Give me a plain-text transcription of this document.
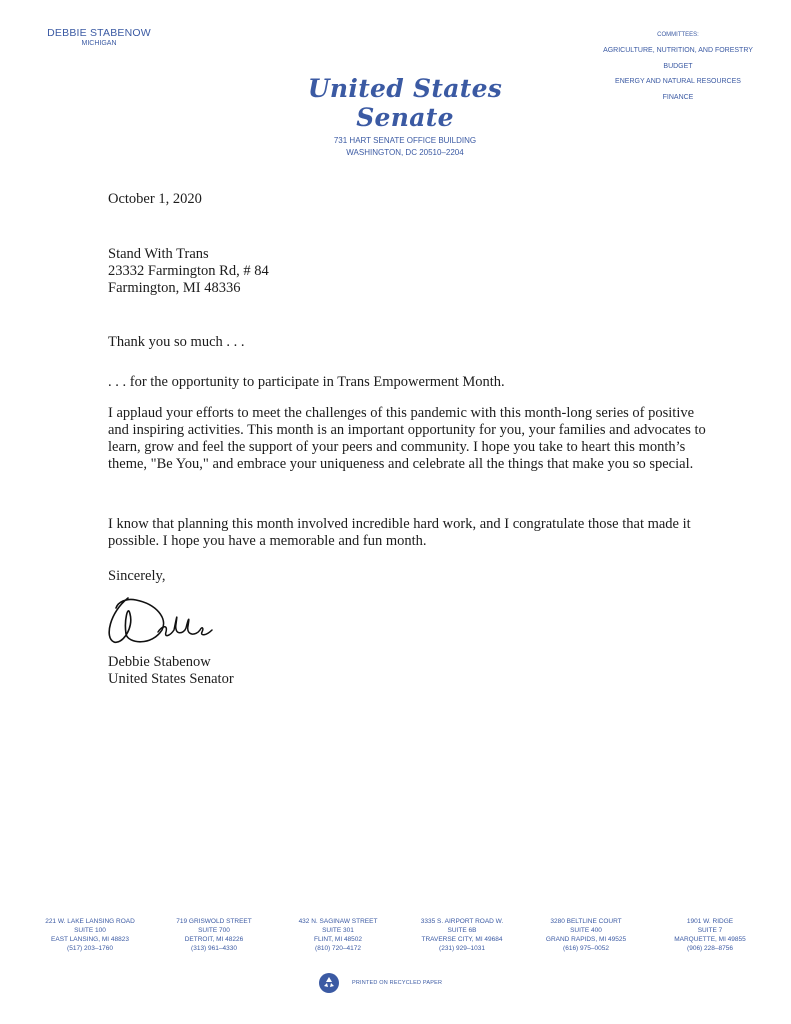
DEBBIE STABENOW
MICHIGAN
COMMITTEES:
AGRICULTURE, NUTRITION, AND FORESTRY
BUDGET
ENERGY AND NATURAL RESOURCES
FINANCE
United States Senate
731 HART SENATE OFFICE BUILDING
WASHINGTON, DC 20510–2204
October 1, 2020
Stand With Trans
23332 Farmington Rd, # 84
Farmington, MI 48336
Thank you so much . . .
. . . for the opportunity to participate in Trans Empowerment Month.
I applaud your efforts to meet the challenges of this pandemic with this month-long series of positive and inspiring activities. This month is an important opportunity for you, your families and advocates to learn, grow and feel the support of your peers and community. I hope you take to heart this month’s theme, "Be You," and embrace your uniqueness and celebrate all the things that make you so special.
I know that planning this month involved incredible hard work, and I congratulate those that made it possible. I hope you have a memorable and fun month.
Sincerely,
Debbie Stabenow
United States Senator
221 W. LAKE LANSING ROAD
SUITE 100
EAST LANSING, MI 48823
(517) 203–1760
719 GRISWOLD STREET
SUITE 700
DETROIT, MI 48226
(313) 961–4330
432 N. SAGINAW STREET
SUITE 301
FLINT, MI 48502
(810) 720–4172
3335 S. AIRPORT ROAD W.
SUITE 6B
TRAVERSE CITY, MI 49684
(231) 929–1031
3280 BELTLINE COURT
SUITE 400
GRAND RAPIDS, MI 49525
(616) 975–0052
1901 W. RIDGE
SUITE 7
MARQUETTE, MI 49855
(906) 228–8756
PRINTED ON RECYCLED PAPER
